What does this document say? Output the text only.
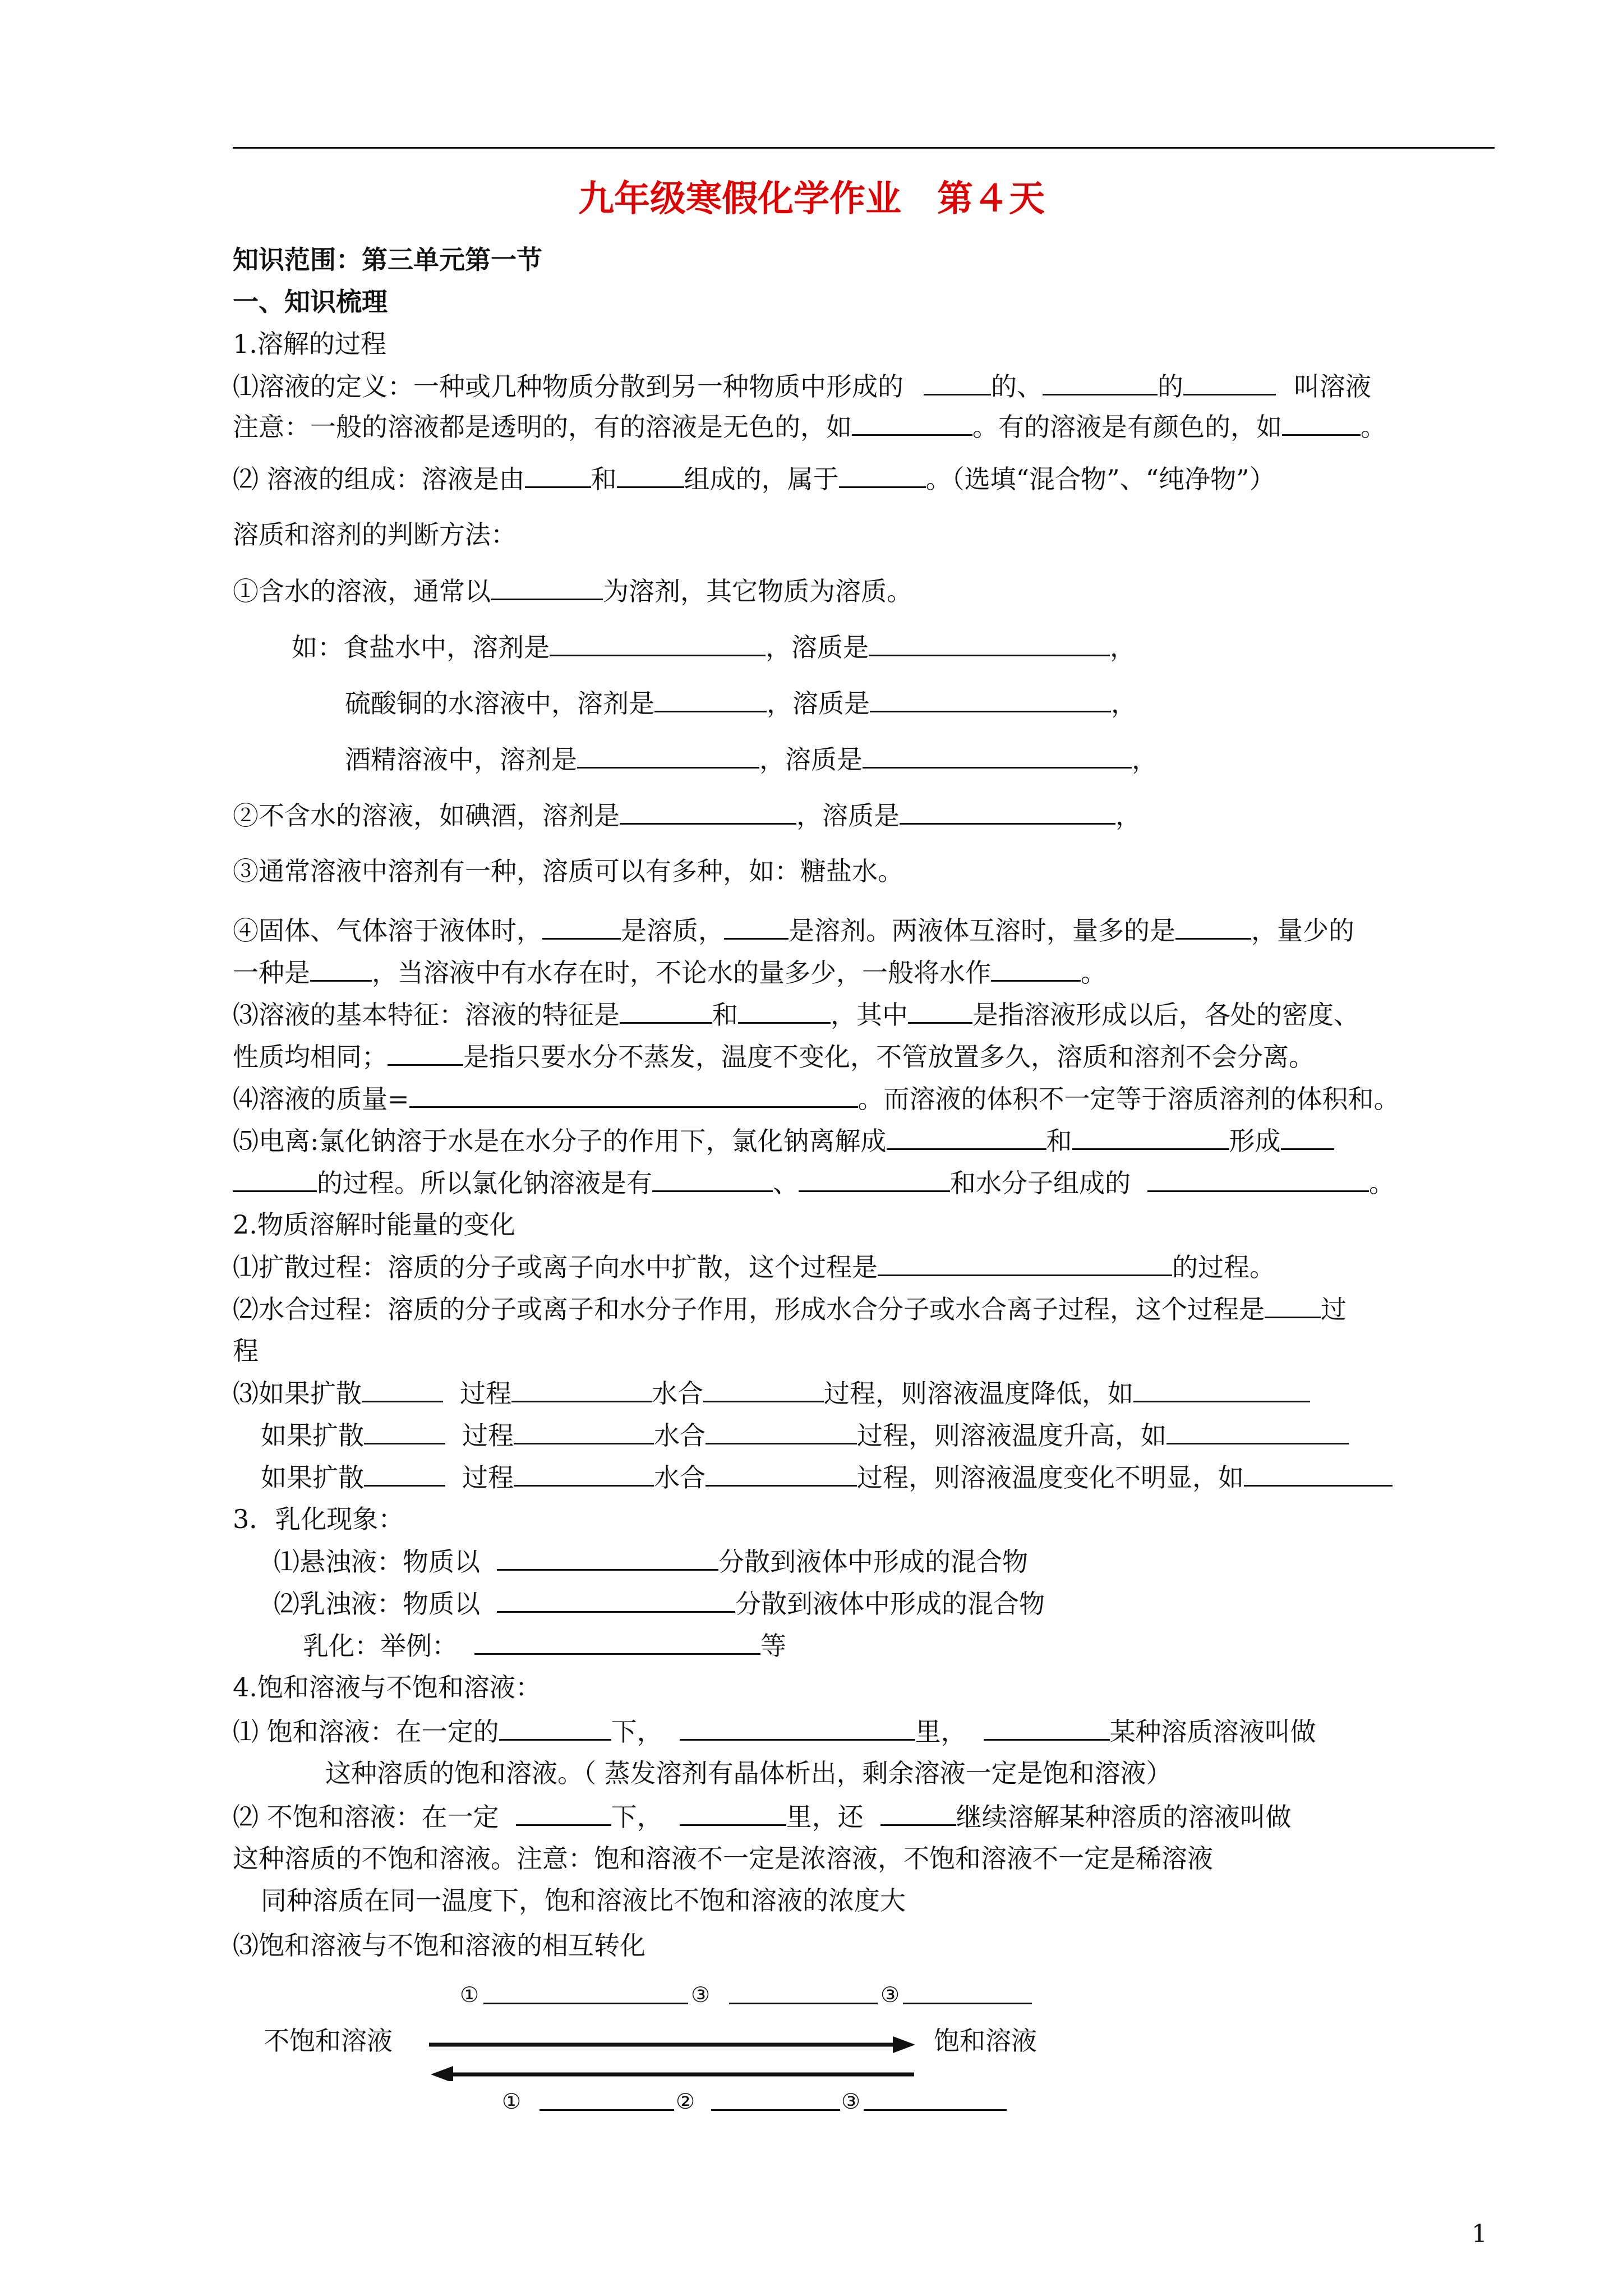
九年级寒假化学作业　第４天
知识范围：第三单元第一节
一、知识梳理
1.溶解的过程
⑴溶液的定义：一种或几种物质分散到另一种物质中形成的	的、	的	叫溶液
注意：一般的溶液都是透明的，有的溶液是无色的，如	。有的溶液是有颜色的，如	。
⑵ 溶液的组成：溶液是由	和	组成的，属于	。（选填“混合物”、“纯净物”）
溶质和溶剂的判断方法：
①含水的溶液，通常以	为溶剂，其它物质为溶质。
如：食盐水中，溶剂是	，溶质是	，
硫酸铜的水溶液中，溶剂是	，溶质是	，
酒精溶液中，溶剂是	，溶质是	，
②不含水的溶液，如碘酒，溶剂是	，溶质是	，
③通常溶液中溶剂有一种，溶质可以有多种，如：糖盐水。
④固体、气体溶于液体时，	是溶质，	是溶剂。两液体互溶时，量多的是	，量少的
一种是 ，当溶液中有水存在时，不论水的量多少，一般将水作	。
⑶溶液的基本特征：溶液的特征是	和	，其中	是指溶液形成以后，各处的密度、
性质均相同；	是指只要水分不蒸发，温度不变化，不管放置多久，溶质和溶剂不会分离。
⑷溶液的质量=	。而溶液的体积不一定等于溶质溶剂的体积和。
⑸电离:氯化钠溶于水是在水分子的作用下，氯化钠离解成	和	形成
的过程。所以氯化钠溶液是有	、	和水分子组成的	。
2.物质溶解时能量的变化
⑴扩散过程：溶质的分子或离子向水中扩散，这个过程是	的过程。
⑵水合过程：溶质的分子或离子和水分子作用，形成水合分子或水合离子过程，这个过程是 过
程
⑶如果扩散	过程	水合	过程，则溶液温度降低，如
如果扩散	过程	水合	过程，则溶液温度升高，如
如果扩散	过程	水合	过程，则溶液温度变化不明显，如
3．乳化现象：
⑴悬浊液：物质以	分散到液体中形成的混合物
⑵乳浊液：物质以	分散到液体中形成的混合物
乳化：举例：	等
4.饱和溶液与不饱和溶液：
⑴ 饱和溶液：在一定的	下，	里，	某种溶质溶液叫做
这种溶质的饱和溶液。（ 蒸发溶剂有晶体析出，剩余溶液一定是饱和溶液）
⑵ 不饱和溶液：在一定	下，	里，还	继续溶解某种溶质的溶液叫做
这种溶质的不饱和溶液。注意：饱和溶液不一定是浓溶液，不饱和溶液不一定是稀溶液
同种溶质在同一温度下，饱和溶液比不饱和溶液的浓度大
⑶饱和溶液与不饱和溶液的相互转化
①	③	③
不饱和溶液	饱和溶液
①	②	③
1
